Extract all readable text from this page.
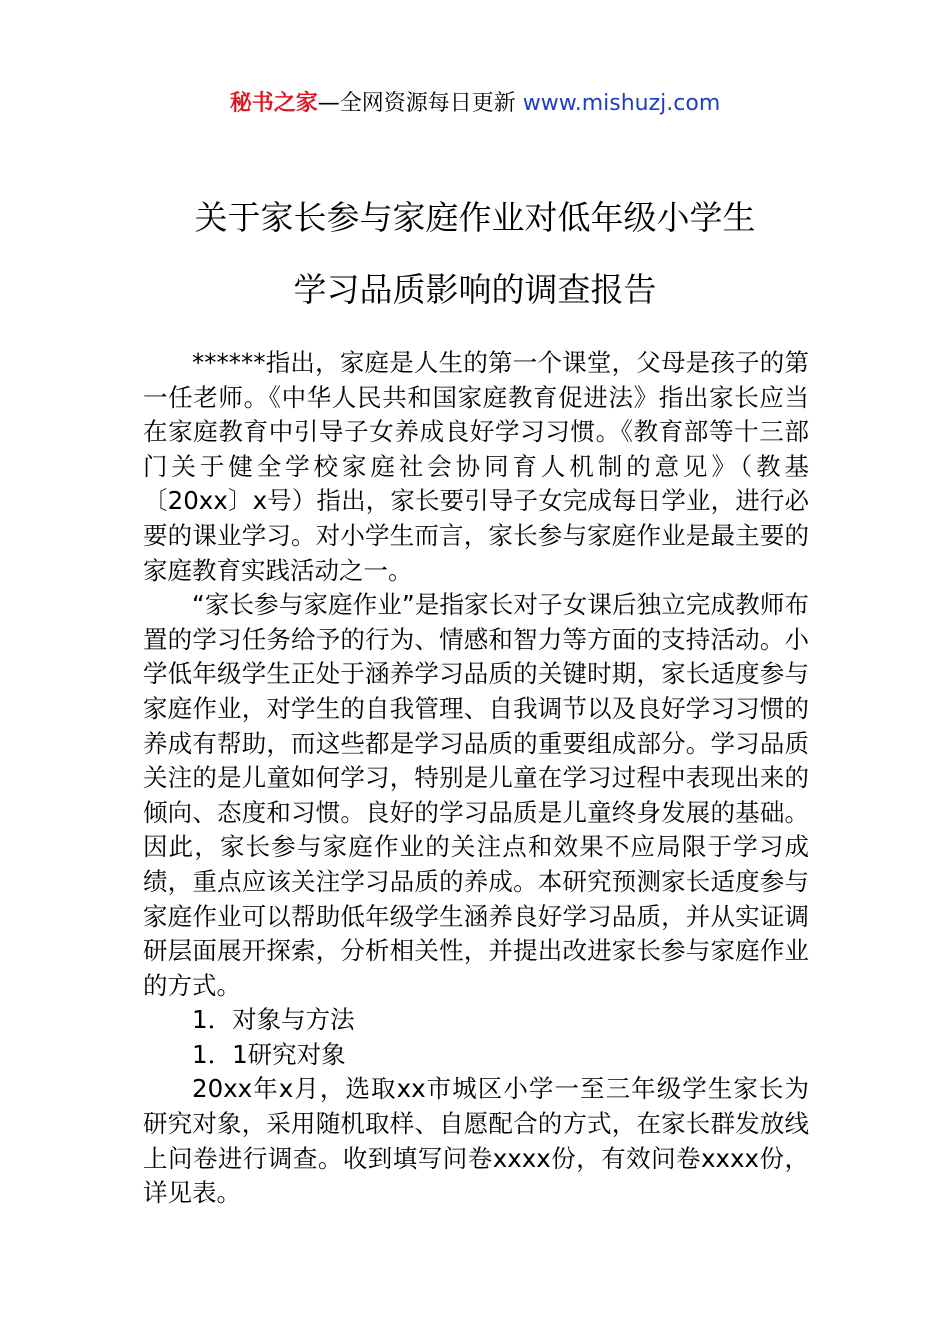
秘书之家—全网资源每日更新 www.mishuzj.com
关于家长参与家庭作业对低年级小学生
学习品质影响的调查报告

******指出，家庭是人生的第一个课堂，父母是孩子的第一任老师。《中华人民共和国家庭教育促进法》指出家长应当在家庭教育中引导子女养成良好学习习惯。《教育部等十三部门关于健全学校家庭社会协同育人机制的意见》（教基〔20xx〕x号）指出，家长要引导子女完成每日学业，进行必要的课业学习。对小学生而言，家长参与家庭作业是最主要的家庭教育实践活动之一。

“家长参与家庭作业”是指家长对子女课后独立完成教师布置的学习任务给予的行为、情感和智力等方面的支持活动。小学低年级学生正处于涵养学习品质的关键时期，家长适度参与家庭作业，对学生的自我管理、自我调节以及良好学习习惯的养成有帮助，而这些都是学习品质的重要组成部分。学习品质关注的是儿童如何学习，特别是儿童在学习过程中表现出来的倾向、态度和习惯。良好的学习品质是儿童终身发展的基础。因此，家长参与家庭作业的关注点和效果不应局限于学习成绩，重点应该关注学习品质的养成。本研究预测家长适度参与家庭作业可以帮助低年级学生涵养良好学习品质，并从实证调研层面展开探索，分析相关性，并提出改进家长参与家庭作业的方式。

1．对象与方法
1．1研究对象

20xx年x月，选取xx市城区小学一至三年级学生家长为研究对象，采用随机取样、自愿配合的方式，在家长群发放线上问卷进行调查。收到填写问卷xxxx份，有效问卷xxxx份，详见表。
